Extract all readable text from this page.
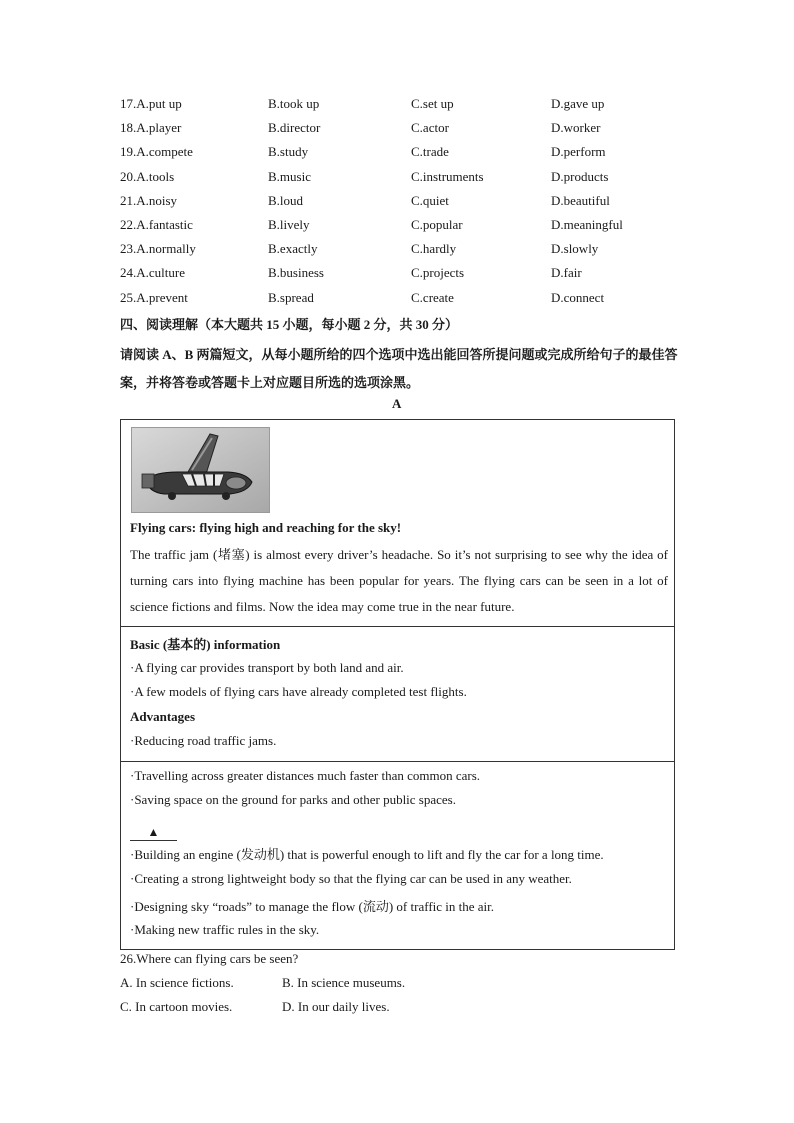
17.A.put up	B.took up	C.set up	D.gave up
18.A.player	B.director	C.actor	D.worker
19.A.compete	B.study	C.trade	D.perform
20.A.tools	B.music	C.instruments	D.products
21.A.noisy	B.loud	C.quiet	D.beautiful
22.A.fantastic	B.lively	C.popular	D.meaningful
23.A.normally	B.exactly	C.hardly	D.slowly
24.A.culture	B.business	C.projects	D.fair
25.A.prevent	B.spread	C.create	D.connect
四、阅读理解（本大题共 15 小题，每小题 2 分，共 30 分）
请阅读 A、B 两篇短文，从每小题所给的四个选项中选出能回答所提问题或完成所给句子的最佳答案，并将答卷或答题卡上对应题目所选的选项涂黑。
A
Flying cars: flying high and reaching for the sky!
The traffic jam (堵塞) is almost every driver’s headache. So it’s not surprising to see why the idea of turning cars into flying machine has been popular for years. The flying cars can be seen in a lot of science fictions and films. Now the idea may come true in the near future.
Basic (基本的) information
·A flying car provides transport by both land and air.
·A few models of flying cars have already completed test flights.
Advantages
·Reducing road traffic jams.
·Travelling across greater distances much faster than common cars.
·Saving space on the ground for parks and other public spaces.
▲
·Building an engine (发动机) that is powerful enough to lift and fly the car for a long time.
·Creating a strong lightweight body so that the flying car can be used in any weather.
·Designing sky “roads” to manage the flow (流动) of traffic in the air.
·Making new traffic rules in the sky.
26.Where can flying cars be seen?
A. In science fictions.	B. In science museums.
C. In cartoon movies.	D. In our daily lives.
